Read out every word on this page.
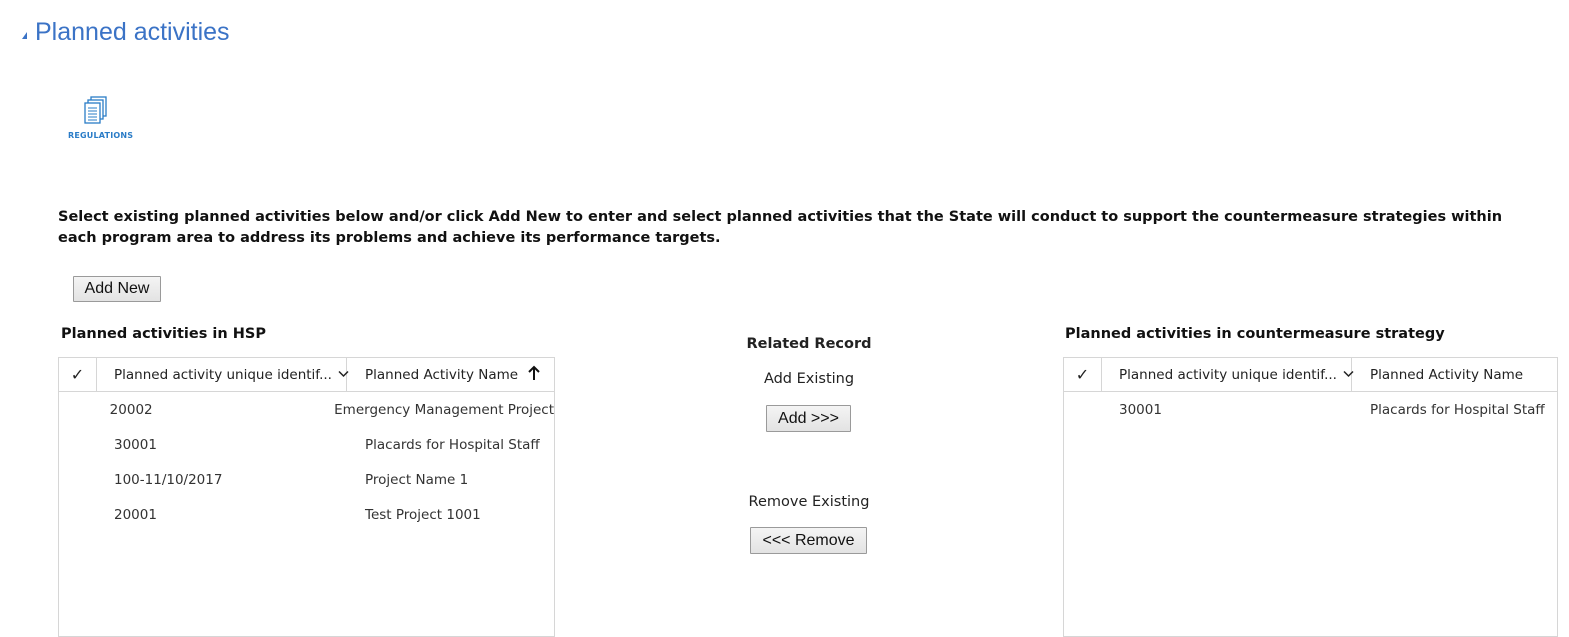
Planned activities
REGULATIONS
Select existing planned activities below and/or click Add New to enter and select planned activities that the State will conduct to support the countermeasure strategies within each program area to address its problems and achieve its performance targets.
Add New
Planned activities in HSP
✓ Planned activity unique identif... Planned Activity Name
20002	Emergency Management Project
30001	Placards for Hospital Staff
100-11/10/2017	Project Name 1
20001	Test Project 1001
Related Record
Add Existing
Add >>>
Remove Existing
<<< Remove
Planned activities in countermeasure strategy
✓ Planned activity unique identif... Planned Activity Name
30001	Placards for Hospital Staff
